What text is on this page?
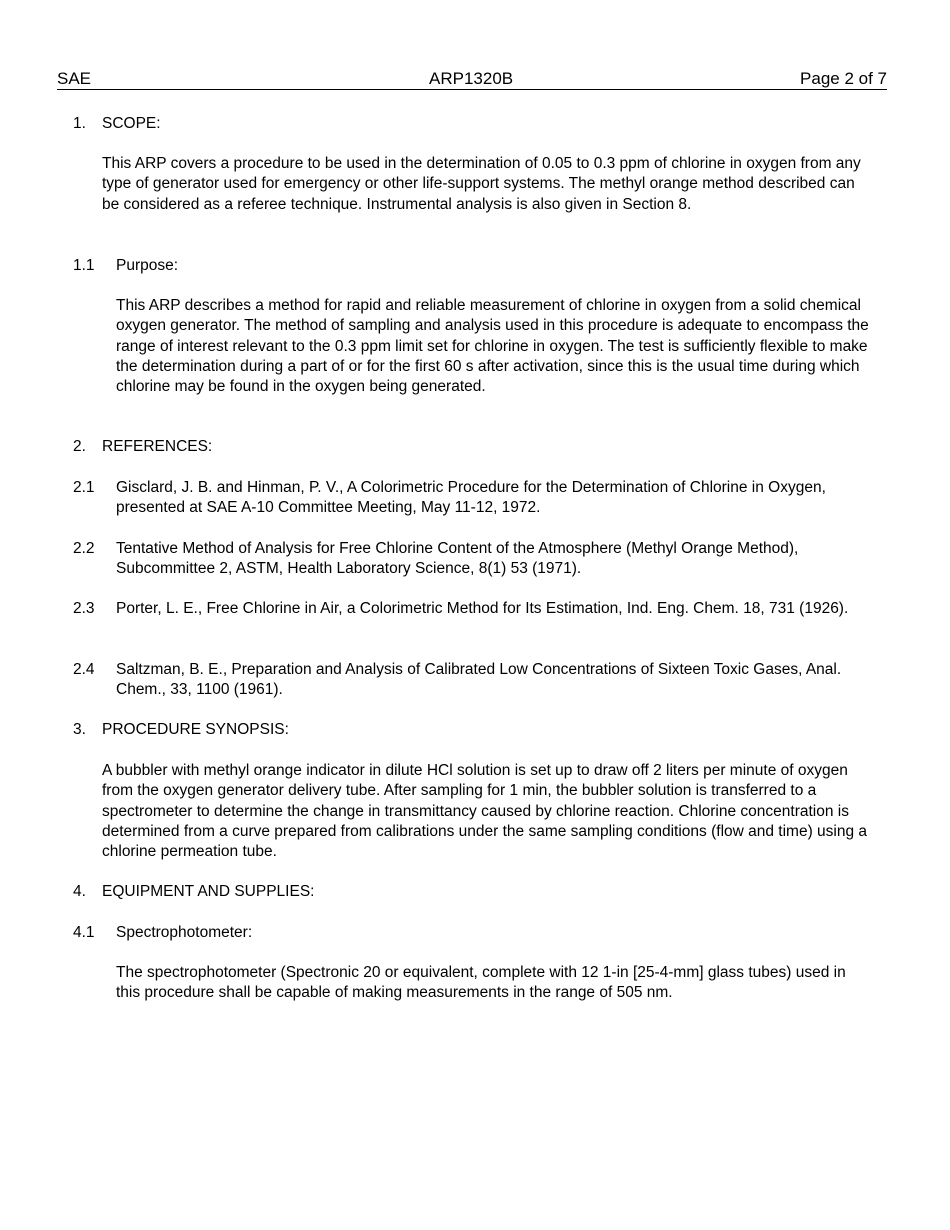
SAE	ARP1320B	Page 2 of 7
1. SCOPE:
This ARP covers a procedure to be used in the determination of 0.05 to 0.3 ppm of chlorine in oxygen from any type of generator used for emergency or other life-support systems. The methyl orange method described can be considered as a referee technique. Instrumental analysis is also given in Section 8.
1.1 Purpose:
This ARP describes a method for rapid and reliable measurement of chlorine in oxygen from a solid chemical oxygen generator. The method of sampling and analysis used in this procedure is adequate to encompass the range of interest relevant to the 0.3 ppm limit set for chlorine in oxygen. The test is sufficiently flexible to make the determination during a part of or for the first 60 s after activation, since this is the usual time during which chlorine may be found in the oxygen being generated.
2. REFERENCES:
2.1 Gisclard, J. B. and Hinman, P. V., A Colorimetric Procedure for the Determination of Chlorine in Oxygen, presented at SAE A-10 Committee Meeting, May 11-12, 1972.
2.2 Tentative Method of Analysis for Free Chlorine Content of the Atmosphere (Methyl Orange Method), Subcommittee 2, ASTM, Health Laboratory Science, 8(1) 53 (1971).
2.3 Porter, L. E., Free Chlorine in Air, a Colorimetric Method for Its Estimation, Ind. Eng. Chem. 18, 731 (1926).
2.4 Saltzman, B. E., Preparation and Analysis of Calibrated Low Concentrations of Sixteen Toxic Gases, Anal. Chem., 33, 1100 (1961).
3. PROCEDURE SYNOPSIS:
A bubbler with methyl orange indicator in dilute HCl solution is set up to draw off 2 liters per minute of oxygen from the oxygen generator delivery tube. After sampling for 1 min, the bubbler solution is transferred to a spectrometer to determine the change in transmittancy caused by chlorine reaction. Chlorine concentration is determined from a curve prepared from calibrations under the same sampling conditions (flow and time) using a chlorine permeation tube.
4. EQUIPMENT AND SUPPLIES:
4.1 Spectrophotometer:
The spectrophotometer (Spectronic 20 or equivalent, complete with 12 1-in [25-4-mm] glass tubes) used in this procedure shall be capable of making measurements in the range of 505 nm.
